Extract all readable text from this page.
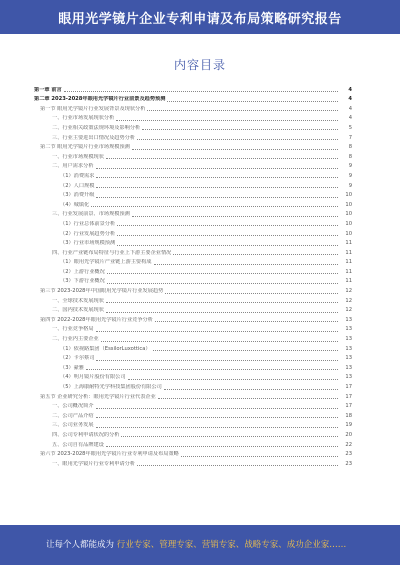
眼用光学镜片企业专利申请及布局策略研究报告
内容目录
第一章 前言	4
第二章 2023-2028年眼用光学镜片行业前景及趋势预测	4
第一节 眼用光学镜片行业发展背景及现状分析	4
一、行业市场发展现状分析	4
二、行业相关政策法规环境及影响分析	5
三、行业主要进出口情况及趋势分析	7
第二节 眼用光学镜片行业市场规模预测	8
一、行业市场规模现状	8
二、用户需求分析	9
（1）消费需求	9
（2）人口规模	9
（3）消费升级	10
（4）城镇化	10
三、行业发展前景、市场规模预测	10
（1）行业总体前景分析	10
（2）行业发展趋势分析	10
（3）行业市场规模预测	11
四、行业产业链布局特征与行业上下游主要企业情况	11
（1）眼用光学镜片产业链上游主要构成	11
（2）上游行业概况	11
（3）下游行业概况	11
第三节 2023-2028年中国眼用光学镜片行业发展趋势	12
一、全球技术发展现状	12
二、国内技术发展现状	12
第四节 2022-2028年眼用光学镜片行业竞争分析	13
一、行业竞争格局	13
二、行业内主要企业	13
（1）依视路集团（EssilorLuxottica）	13
（2）卡尔蔡司	13
（3）豪雅	13
（4）明月镜片股份有限公司	13
（5）上海康耐特光学科技集团股份有限公司	17
第五节 企业研究分析：眼用光学镜片行业代表企业	17
一、公司概况简介	17
二、公司产品介绍	18
三、公司业务发展	19
四、公司专利申请状况的分析	20
五、公司自有品牌建设	22
第六节 2023-2028年眼用光学镜片行业专利申请及布局策略	23
一、眼用光学镜片行业专利申请分析	23
让每个人都能成为 行业专家、管理专家、营销专家、战略专家、成功企业家……
